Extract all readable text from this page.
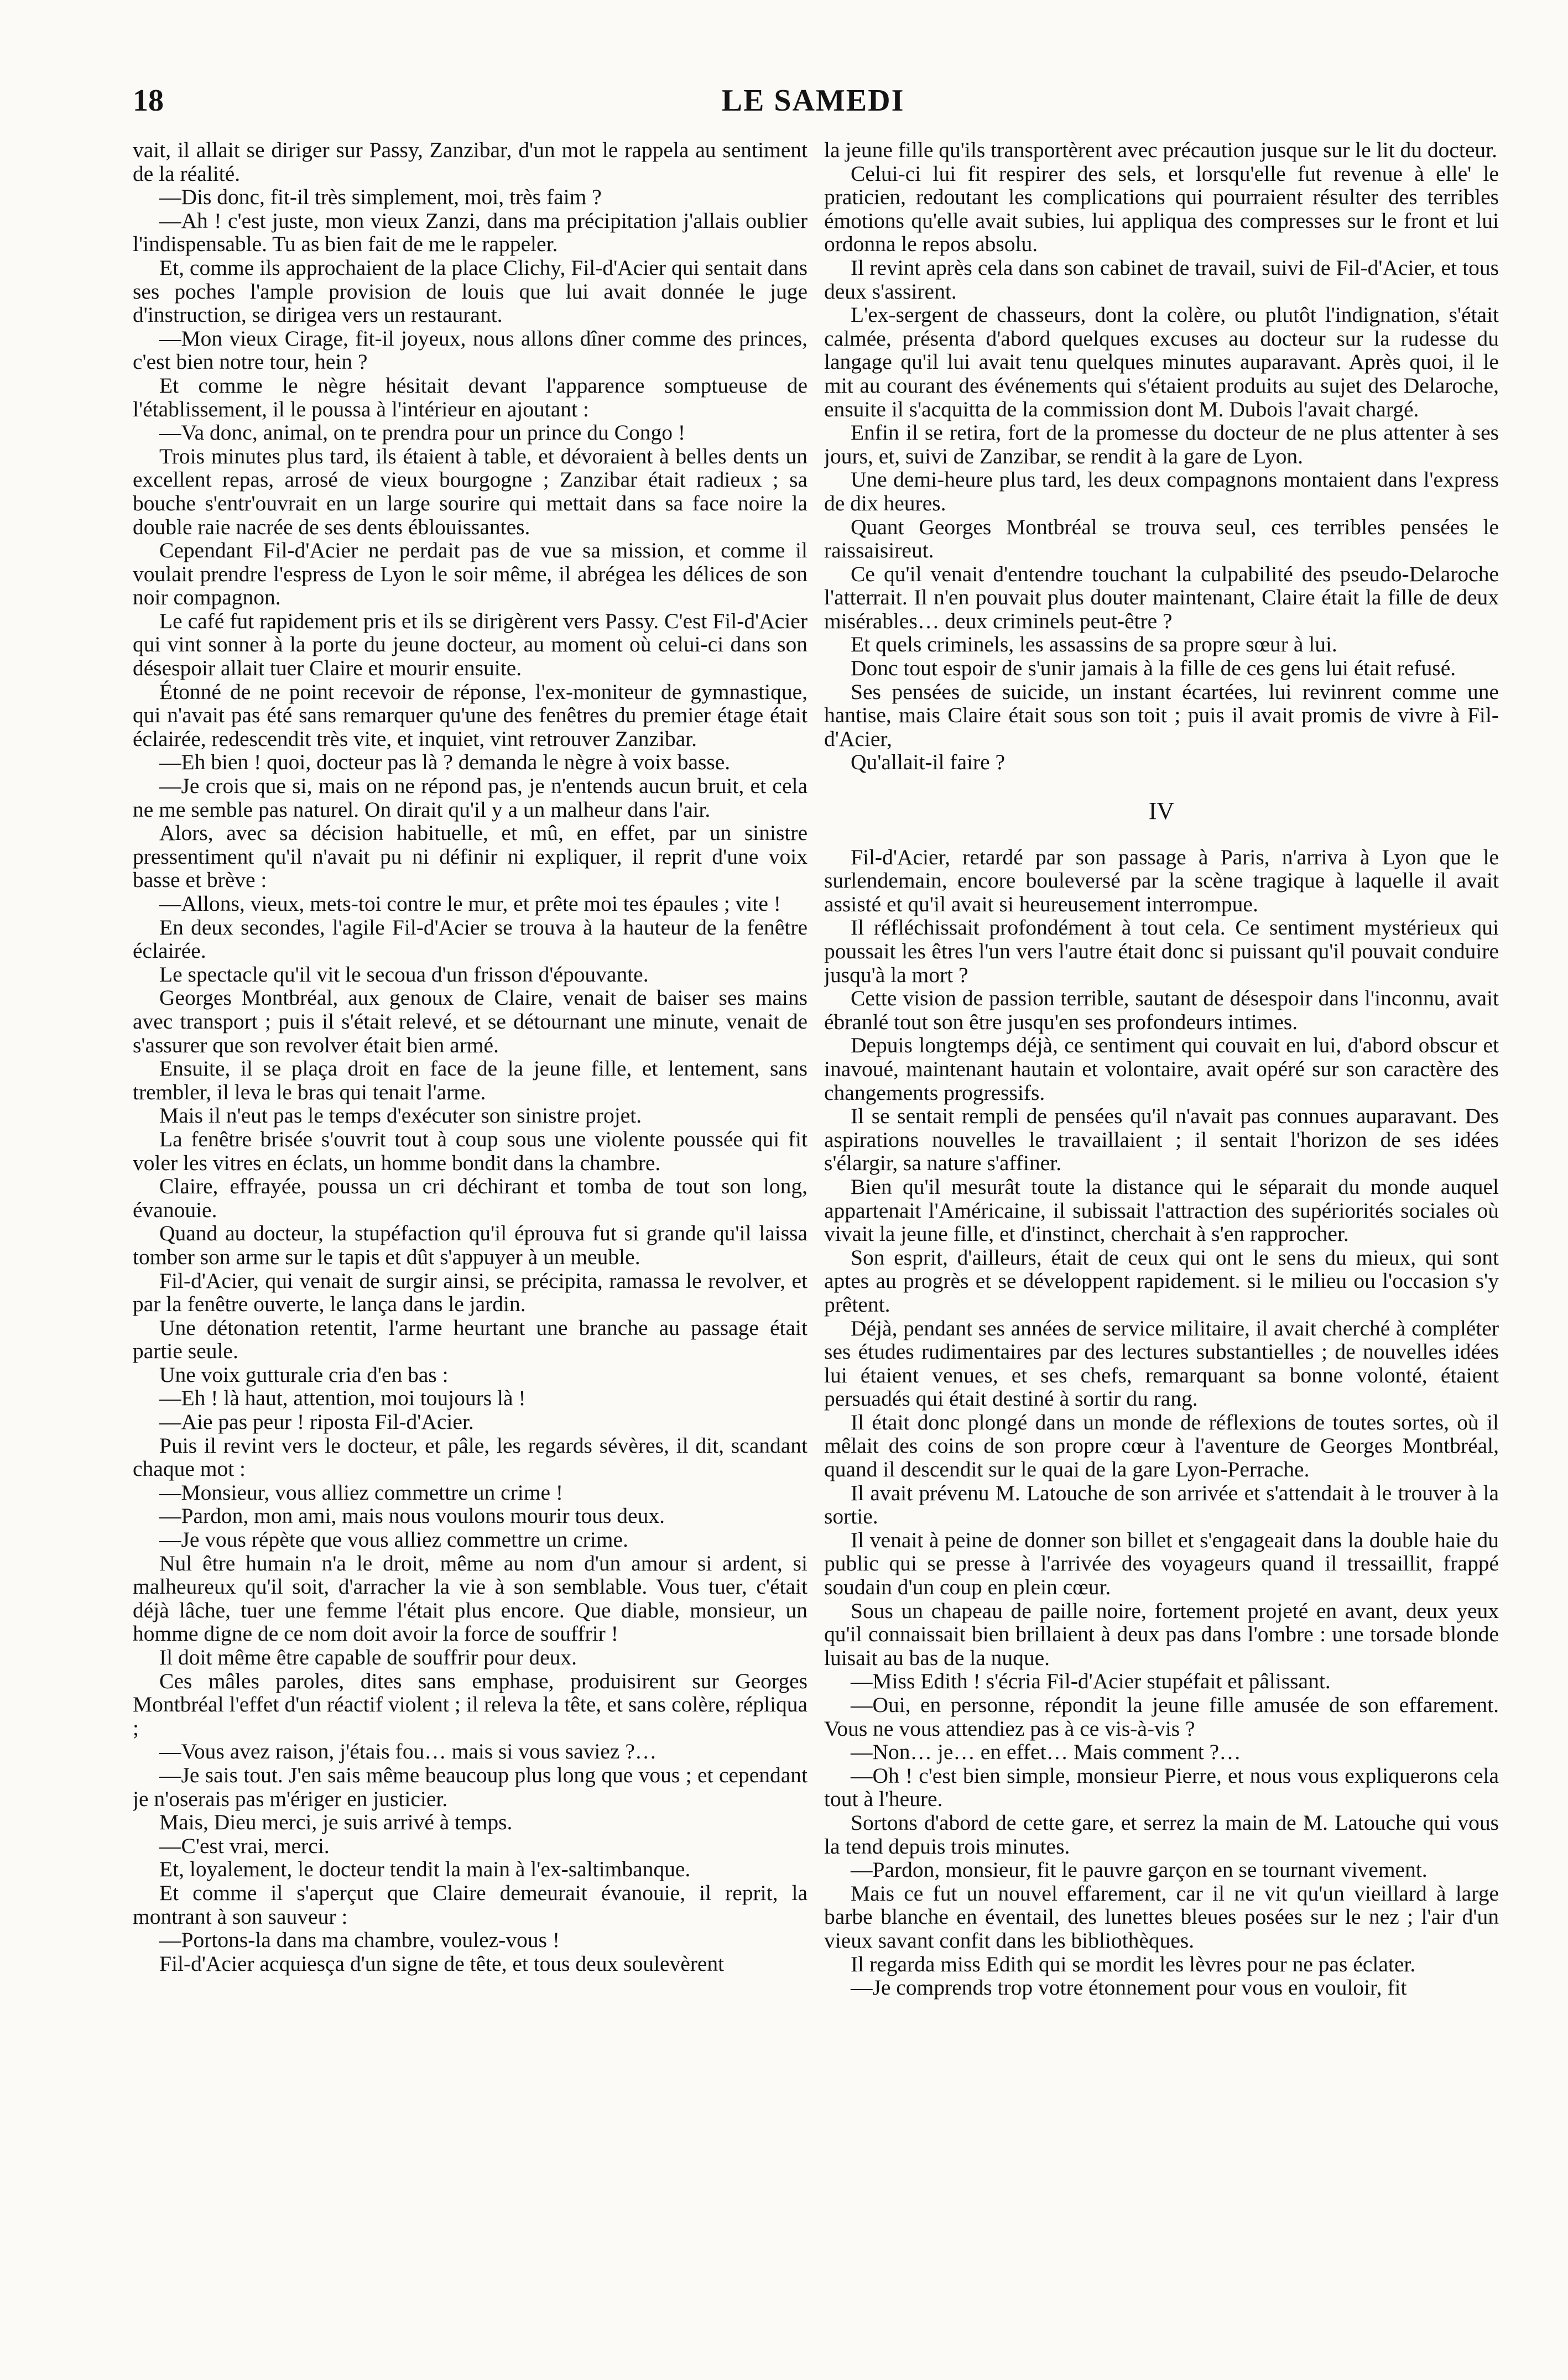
18	LE SAMEDI

vait, il allait se diriger sur Passy, Zanzibar, d'un mot le rappela au sentiment de la réalité.

—Dis donc, fit-il très simplement, moi, très faim ?

—Ah ! c'est juste, mon vieux Zanzi, dans ma précipitation j'allais oublier l'indispensable. Tu as bien fait de me le rappeler.

Et, comme ils approchaient de la place Clichy, Fil-d'Acier qui sentait dans ses poches l'ample provision de louis que lui avait donnée le juge d'instruction, se dirigea vers un restaurant.

—Mon vieux Cirage, fit-il joyeux, nous allons dîner comme des princes, c'est bien notre tour, hein ?

Et comme le nègre hésitait devant l'apparence somptueuse de l'établissement, il le poussa à l'intérieur en ajoutant :

—Va donc, animal, on te prendra pour un prince du Congo !

Trois minutes plus tard, ils étaient à table, et dévoraient à belles dents un excellent repas, arrosé de vieux bourgogne ; Zanzibar était radieux ; sa bouche s'entr'ouvrait en un large sourire qui mettait dans sa face noire la double raie nacrée de ses dents éblouissantes.

Cependant Fil-d'Acier ne perdait pas de vue sa mission, et comme il voulait prendre l'espress de Lyon le soir même, il abrégea les délices de son noir compagnon.

Le café fut rapidement pris et ils se dirigèrent vers Passy. C'est Fil-d'Acier qui vint sonner à la porte du jeune docteur, au moment où celui-ci dans son désespoir allait tuer Claire et mourir ensuite.

Étonné de ne point recevoir de réponse, l'ex-moniteur de gymnastique, qui n'avait pas été sans remarquer qu'une des fenêtres du premier étage était éclairée, redescendit très vite, et inquiet, vint retrouver Zanzibar.

—Eh bien ! quoi, docteur pas là ? demanda le nègre à voix basse.

—Je crois que si, mais on ne répond pas, je n'entends aucun bruit, et cela ne me semble pas naturel. On dirait qu'il y a un malheur dans l'air.

Alors, avec sa décision habituelle, et mû, en effet, par un sinistre pressentiment qu'il n'avait pu ni définir ni expliquer, il reprit d'une voix basse et brève :

—Allons, vieux, mets-toi contre le mur, et prête moi tes épaules ; vite !

En deux secondes, l'agile Fil-d'Acier se trouva à la hauteur de la fenêtre éclairée.

Le spectacle qu'il vit le secoua d'un frisson d'épouvante.

Georges Montbréal, aux genoux de Claire, venait de baiser ses mains avec transport ; puis il s'était relevé, et se détournant une minute, venait de s'assurer que son revolver était bien armé.

Ensuite, il se plaça droit en face de la jeune fille, et lentement, sans trembler, il leva le bras qui tenait l'arme.

Mais il n'eut pas le temps d'exécuter son sinistre projet.

La fenêtre brisée s'ouvrit tout à coup sous une violente poussée qui fit voler les vitres en éclats, un homme bondit dans la chambre.

Claire, effrayée, poussa un cri déchirant et tomba de tout son long, évanouie.

Quand au docteur, la stupéfaction qu'il éprouva fut si grande qu'il laissa tomber son arme sur le tapis et dût s'appuyer à un meuble.

Fil-d'Acier, qui venait de surgir ainsi, se précipita, ramassa le revolver, et par la fenêtre ouverte, le lança dans le jardin.

Une détonation retentit, l'arme heurtant une branche au passage était partie seule.

Une voix gutturale cria d'en bas :

—Eh ! là haut, attention, moi toujours là !

—Aie pas peur ! riposta Fil-d'Acier.

Puis il revint vers le docteur, et pâle, les regards sévères, il dit, scandant chaque mot :

—Monsieur, vous alliez commettre un crime !

—Pardon, mon ami, mais nous voulons mourir tous deux.

—Je vous répète que vous alliez commettre un crime.

Nul être humain n'a le droit, même au nom d'un amour si ardent, si malheureux qu'il soit, d'arracher la vie à son semblable. Vous tuer, c'était déjà lâche, tuer une femme l'était plus encore. Que diable, monsieur, un homme digne de ce nom doit avoir la force de souffrir !

Il doit même être capable de souffrir pour deux.

Ces mâles paroles, dites sans emphase, produisirent sur Georges Montbréal l'effet d'un réactif violent ; il releva la tête, et sans colère, répliqua ;

—Vous avez raison, j'étais fou… mais si vous saviez ?…

—Je sais tout. J'en sais même beaucoup plus long que vous ; et cependant je n'oserais pas m'ériger en justicier.

Mais, Dieu merci, je suis arrivé à temps.

—C'est vrai, merci.

Et, loyalement, le docteur tendit la main à l'ex-saltimbanque.

Et comme il s'aperçut que Claire demeurait évanouie, il reprit, la montrant à son sauveur :

—Portons-la dans ma chambre, voulez-vous !

Fil-d'Acier acquiesça d'un signe de tête, et tous deux soulevèrent

la jeune fille qu'ils transportèrent avec précaution jusque sur le lit du docteur.

Celui-ci lui fit respirer des sels, et lorsqu'elle fut revenue à elle' le praticien, redoutant les complications qui pourraient résulter des terribles émotions qu'elle avait subies, lui appliqua des compresses sur le front et lui ordonna le repos absolu.

Il revint après cela dans son cabinet de travail, suivi de Fil-d'Acier, et tous deux s'assirent.

L'ex-sergent de chasseurs, dont la colère, ou plutôt l'indignation, s'était calmée, présenta d'abord quelques excuses au docteur sur la rudesse du langage qu'il lui avait tenu quelques minutes auparavant. Après quoi, il le mit au courant des événements qui s'étaient produits au sujet des Delaroche, ensuite il s'acquitta de la commission dont M. Dubois l'avait chargé.

Enfin il se retira, fort de la promesse du docteur de ne plus attenter à ses jours, et, suivi de Zanzibar, se rendit à la gare de Lyon.

Une demi-heure plus tard, les deux compagnons montaient dans l'express de dix heures.

Quant Georges Montbréal se trouva seul, ces terribles pensées le raissaisireut.

Ce qu'il venait d'entendre touchant la culpabilité des pseudo-Delaroche l'atterrait. Il n'en pouvait plus douter maintenant, Claire était la fille de deux misérables… deux criminels peut-être ?

Et quels criminels, les assassins de sa propre sœur à lui.

Donc tout espoir de s'unir jamais à la fille de ces gens lui était refusé.

Ses pensées de suicide, un instant écartées, lui revinrent comme une hantise, mais Claire était sous son toit ; puis il avait promis de vivre à Fil-d'Acier,

Qu'allait-il faire ?

IV

Fil-d'Acier, retardé par son passage à Paris, n'arriva à Lyon que le surlendemain, encore bouleversé par la scène tragique à laquelle il avait assisté et qu'il avait si heureusement interrompue.

Il réfléchissait profondément à tout cela. Ce sentiment mystérieux qui poussait les êtres l'un vers l'autre était donc si puissant qu'il pouvait conduire jusqu'à la mort ?

Cette vision de passion terrible, sautant de désespoir dans l'inconnu, avait ébranlé tout son être jusqu'en ses profondeurs intimes.

Depuis longtemps déjà, ce sentiment qui couvait en lui, d'abord obscur et inavoué, maintenant hautain et volontaire, avait opéré sur son caractère des changements progressifs.

Il se sentait rempli de pensées qu'il n'avait pas connues auparavant. Des aspirations nouvelles le travaillaient ; il sentait l'horizon de ses idées s'élargir, sa nature s'affiner.

Bien qu'il mesurât toute la distance qui le séparait du monde auquel appartenait l'Américaine, il subissait l'attraction des supériorités sociales où vivait la jeune fille, et d'instinct, cherchait à s'en rapprocher.

Son esprit, d'ailleurs, était de ceux qui ont le sens du mieux, qui sont aptes au progrès et se développent rapidement. si le milieu ou l'occasion s'y prêtent.

Déjà, pendant ses années de service militaire, il avait cherché à compléter ses études rudimentaires par des lectures substantielles ; de nouvelles idées lui étaient venues, et ses chefs, remarquant sa bonne volonté, étaient persuadés qui était destiné à sortir du rang.

Il était donc plongé dans un monde de réflexions de toutes sortes, où il mêlait des coins de son propre cœur à l'aventure de Georges Montbréal, quand il descendit sur le quai de la gare Lyon-Perrache.

Il avait prévenu M. Latouche de son arrivée et s'attendait à le trouver à la sortie.

Il venait à peine de donner son billet et s'engageait dans la double haie du public qui se presse à l'arrivée des voyageurs quand il tressaillit, frappé soudain d'un coup en plein cœur.

Sous un chapeau de paille noire, fortement projeté en avant, deux yeux qu'il connaissait bien brillaient à deux pas dans l'ombre : une torsade blonde luisait au bas de la nuque.

—Miss Edith ! s'écria Fil-d'Acier stupéfait et pâlissant.

—Oui, en personne, répondit la jeune fille amusée de son effarement. Vous ne vous attendiez pas à ce vis-à-vis ?

—Non… je… en effet… Mais comment ?…

—Oh ! c'est bien simple, monsieur Pierre, et nous vous expliquerons cela tout à l'heure.

Sortons d'abord de cette gare, et serrez la main de M. Latouche qui vous la tend depuis trois minutes.

—Pardon, monsieur, fit le pauvre garçon en se tournant vivement.

Mais ce fut un nouvel effarement, car il ne vit qu'un vieillard à large barbe blanche en éventail, des lunettes bleues posées sur le nez ; l'air d'un vieux savant confit dans les bibliothèques.

Il regarda miss Edith qui se mordit les lèvres pour ne pas éclater.

—Je comprends trop votre étonnement pour vous en vouloir, fit
